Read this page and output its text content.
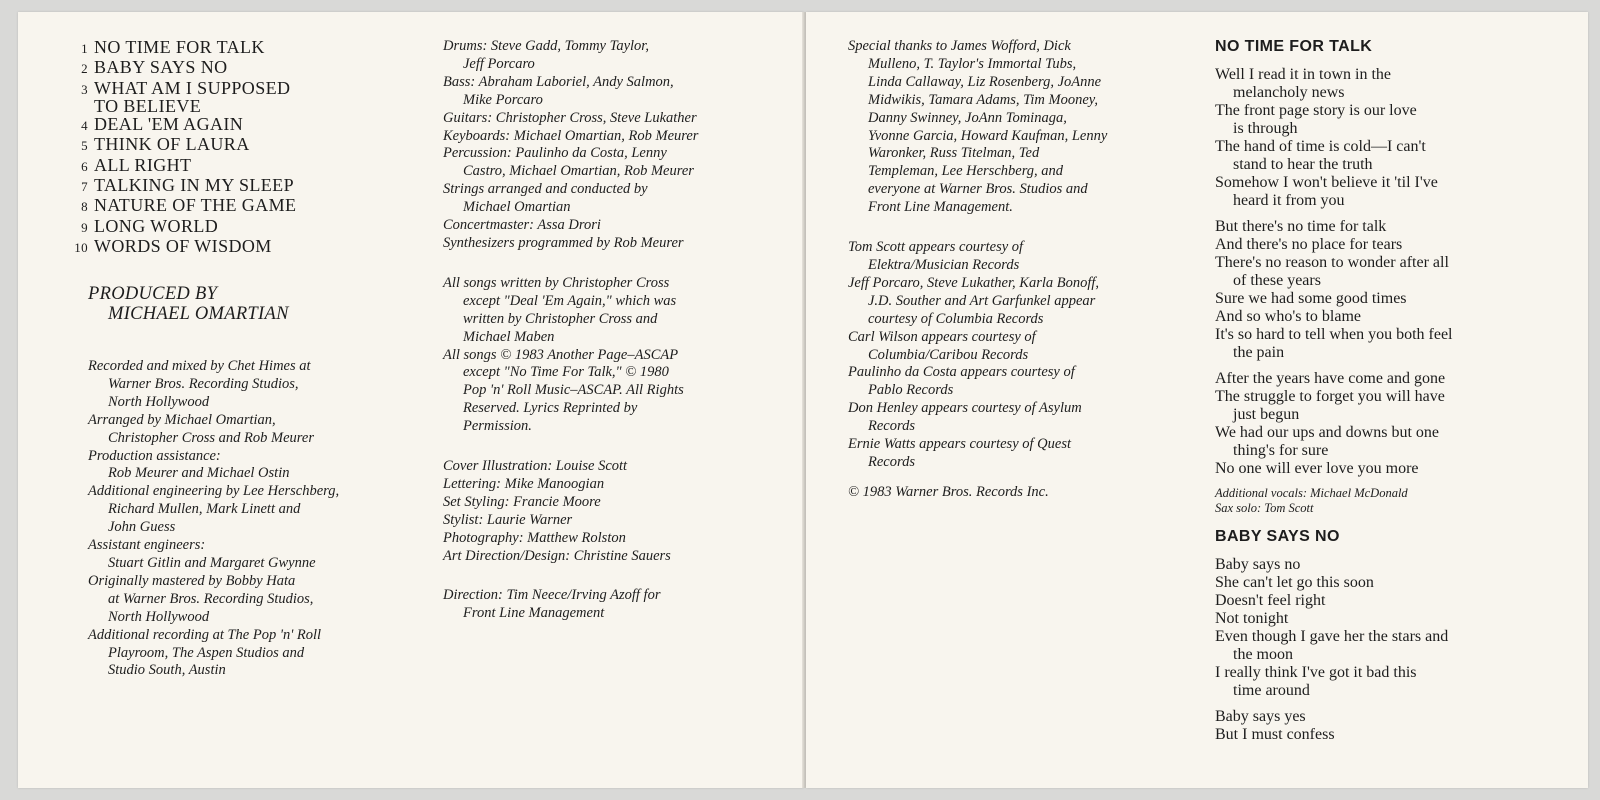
1 NO TIME FOR TALK
2 BABY SAYS NO
3 WHAT AM I SUPPOSED
TO BELIEVE
4 DEAL 'EM AGAIN
5 THINK OF LAURA
6 ALL RIGHT
7 TALKING IN MY SLEEP
8 NATURE OF THE GAME
9 LONG WORLD
10 WORDS OF WISDOM
PRODUCED BY
MICHAEL OMARTIAN
Recorded and mixed by Chet Himes at
Warner Bros. Recording Studios,
North Hollywood
Arranged by Michael Omartian,
Christopher Cross and Rob Meurer
Production assistance:
Rob Meurer and Michael Ostin
Additional engineering by Lee Herschberg,
Richard Mullen, Mark Linett and
John Guess
Assistant engineers:
Stuart Gitlin and Margaret Gwynne
Originally mastered by Bobby Hata
at Warner Bros. Recording Studios,
North Hollywood
Additional recording at The Pop 'n' Roll
Playroom, The Aspen Studios and
Studio South, Austin
Drums: Steve Gadd, Tommy Taylor,
Jeff Porcaro
Bass: Abraham Laboriel, Andy Salmon,
Mike Porcaro
Guitars: Christopher Cross, Steve Lukather
Keyboards: Michael Omartian, Rob Meurer
Percussion: Paulinho da Costa, Lenny
Castro, Michael Omartian, Rob Meurer
Strings arranged and conducted by
Michael Omartian
Concertmaster: Assa Drori
Synthesizers programmed by Rob Meurer
All songs written by Christopher Cross
except "Deal 'Em Again," which was
written by Christopher Cross and
Michael Maben
All songs © 1983 Another Page–ASCAP
except "No Time For Talk," © 1980
Pop 'n' Roll Music–ASCAP. All Rights
Reserved. Lyrics Reprinted by
Permission.
Cover Illustration: Louise Scott
Lettering: Mike Manoogian
Set Styling: Francie Moore
Stylist: Laurie Warner
Photography: Matthew Rolston
Art Direction/Design: Christine Sauers
Direction: Tim Neece/Irving Azoff for
Front Line Management
Special thanks to James Wofford, Dick
Mulleno, T. Taylor's Immortal Tubs,
Linda Callaway, Liz Rosenberg, JoAnne
Midwikis, Tamara Adams, Tim Mooney,
Danny Swinney, JoAnn Tominaga,
Yvonne Garcia, Howard Kaufman, Lenny
Waronker, Russ Titelman, Ted
Templeman, Lee Herschberg, and
everyone at Warner Bros. Studios and
Front Line Management.
Tom Scott appears courtesy of
Elektra/Musician Records
Jeff Porcaro, Steve Lukather, Karla Bonoff,
J.D. Souther and Art Garfunkel appear
courtesy of Columbia Records
Carl Wilson appears courtesy of
Columbia/Caribou Records
Paulinho da Costa appears courtesy of
Pablo Records
Don Henley appears courtesy of Asylum
Records
Ernie Watts appears courtesy of Quest
Records
© 1983 Warner Bros. Records Inc.
NO TIME FOR TALK
Well I read it in town in the
melancholy news
The front page story is our love
is through
The hand of time is cold—I can't
stand to hear the truth
Somehow I won't believe it 'til I've
heard it from you
But there's no time for talk
And there's no place for tears
There's no reason to wonder after all
of these years
Sure we had some good times
And so who's to blame
It's so hard to tell when you both feel
the pain
After the years have come and gone
The struggle to forget you will have
just begun
We had our ups and downs but one
thing's for sure
No one will ever love you more
Additional vocals: Michael McDonald
Sax solo: Tom Scott
BABY SAYS NO
Baby says no
She can't let go this soon
Doesn't feel right
Not tonight
Even though I gave her the stars and
the moon
I really think I've got it bad this
time around
Baby says yes
But I must confess
